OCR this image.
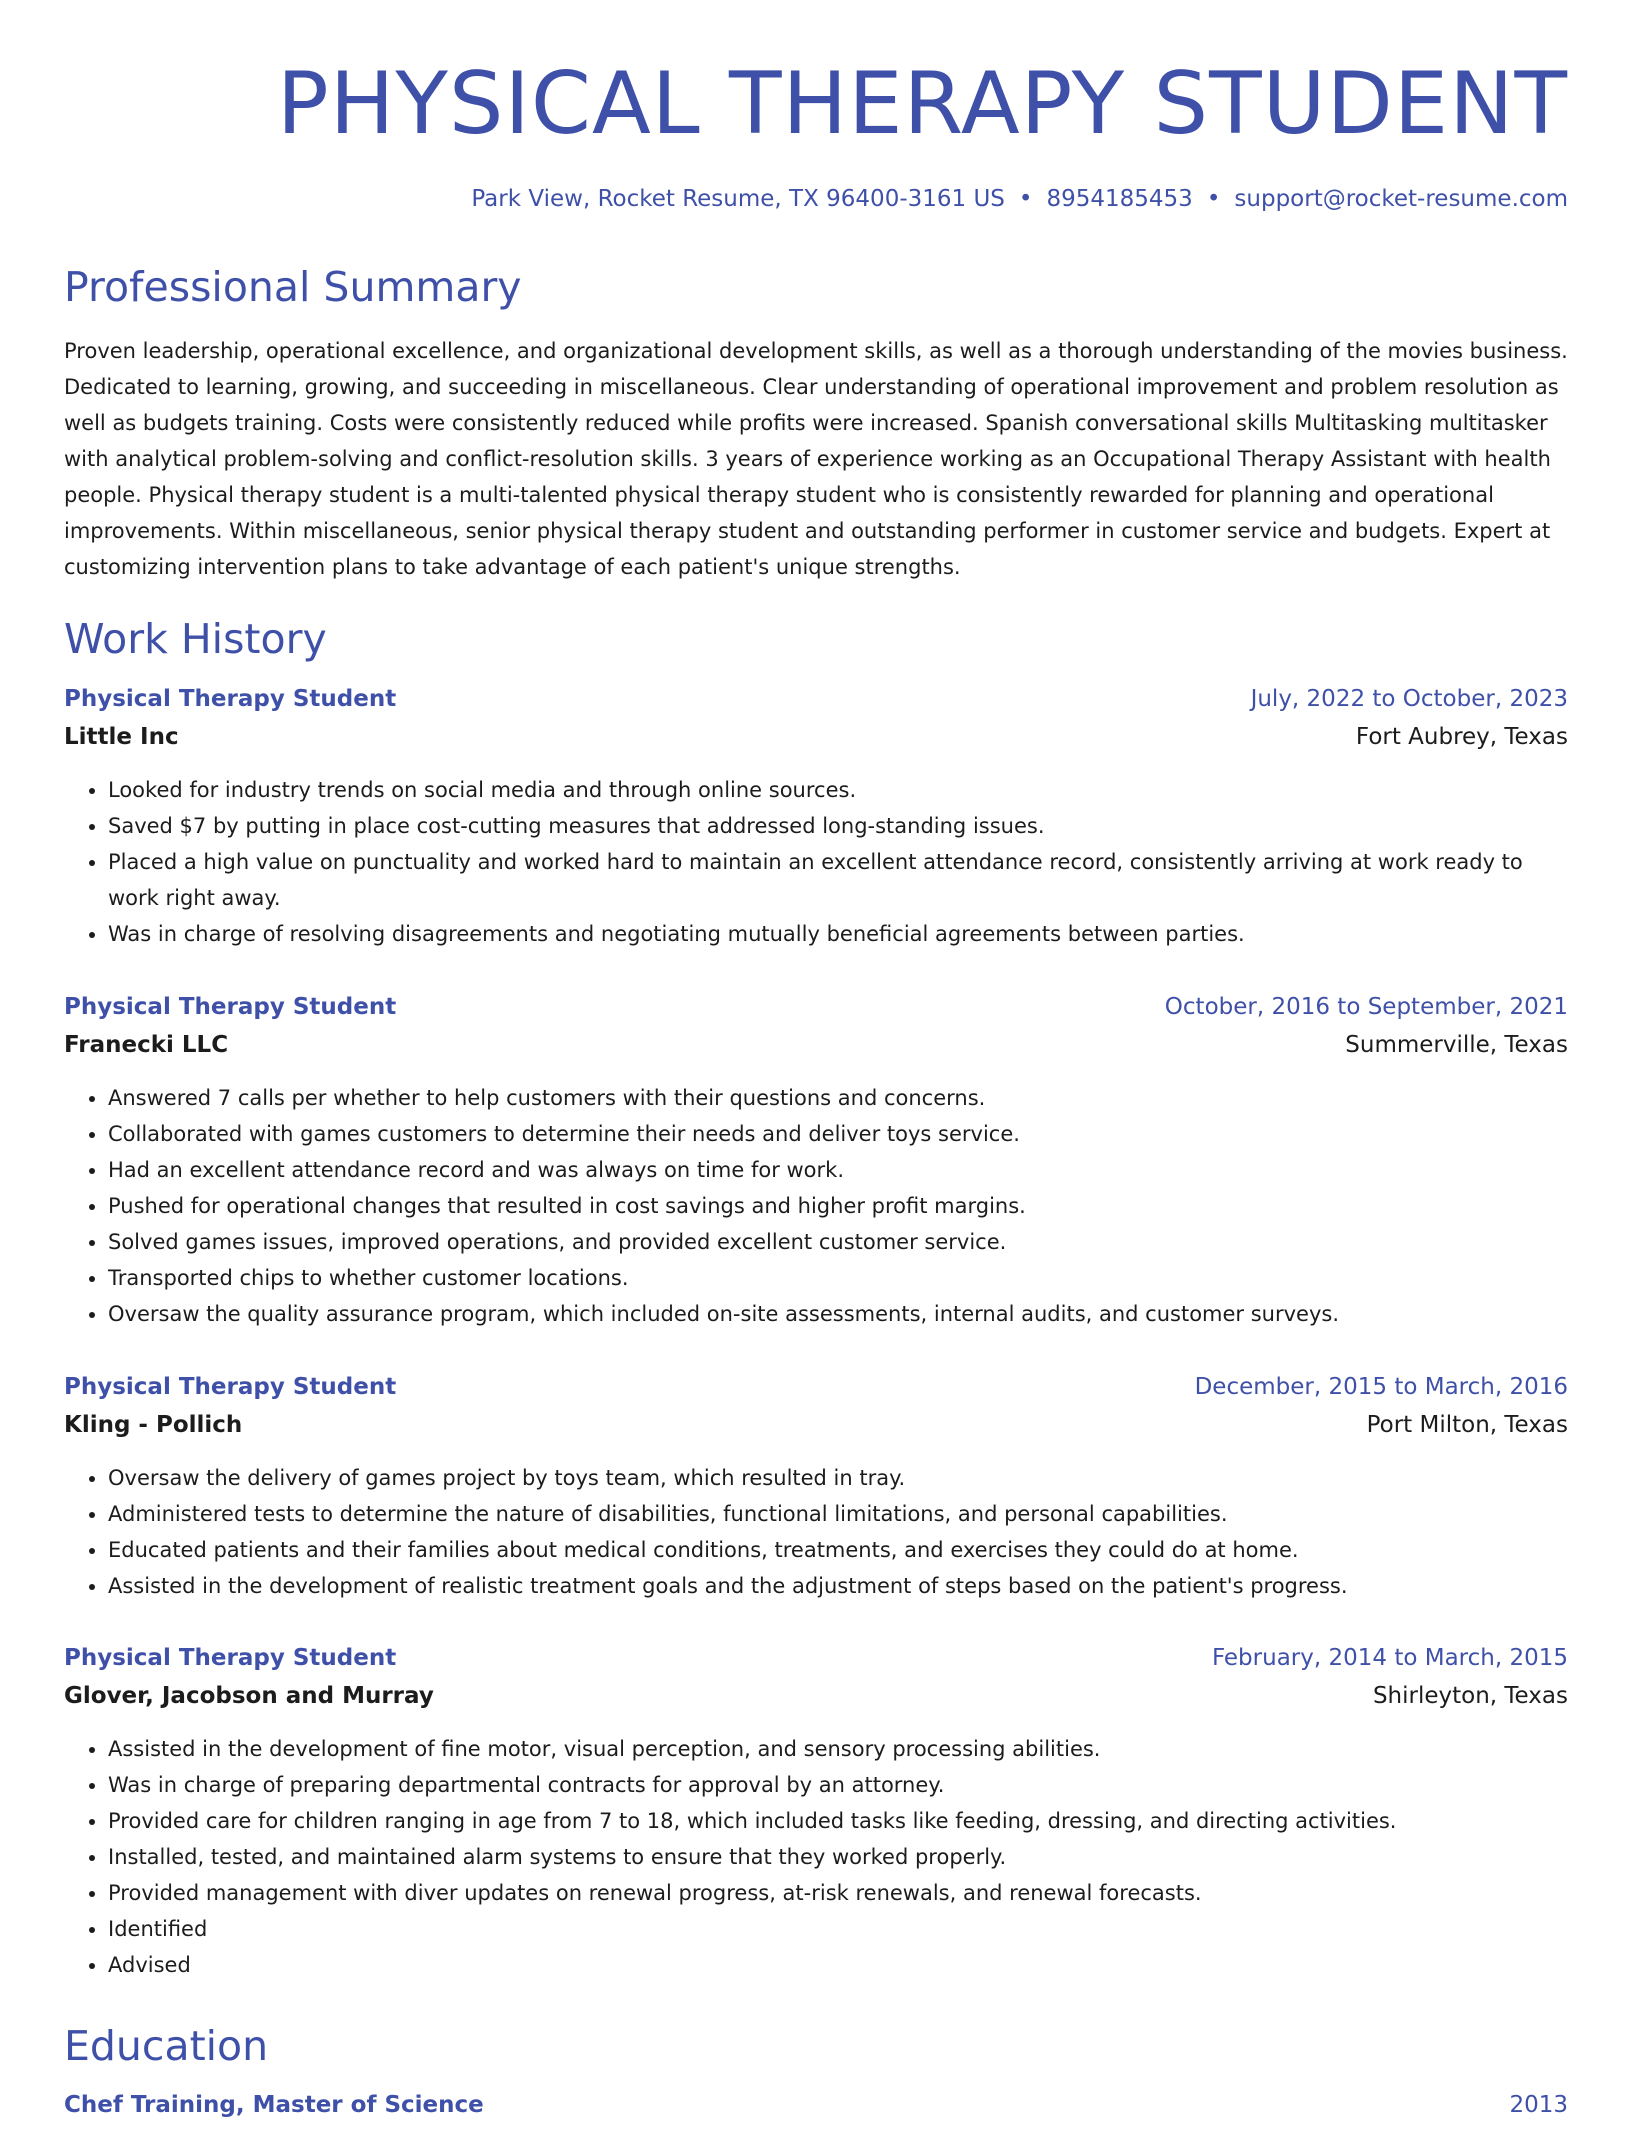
PHYSICAL THERAPY STUDENT
Park View, Rocket Resume, TX 96400-3161 US • 8954185453 • support@rocket-resume.com
Professional Summary

Proven leadership, operational excellence, and organizational development skills, as well as a thorough understanding of the movies business. Dedicated to learning, growing, and succeeding in miscellaneous. Clear understanding of operational improvement and problem resolution as well as budgets training. Costs were consistently reduced while profits were increased. Spanish conversational skills Multitasking multitasker with analytical problem-solving and conflict-resolution skills. 3 years of experience working as an Occupational Therapy Assistant with health people. Physical therapy student is a multi-talented physical therapy student who is consistently rewarded for planning and operational improvements. Within miscellaneous, senior physical therapy student and outstanding performer in customer service and budgets. Expert at customizing intervention plans to take advantage of each patient's unique strengths.

Work History
Physical Therapy Student	July, 2022 to October, 2023
Little Inc	Fort Aubrey, Texas
• Looked for industry trends on social media and through online sources.
• Saved $7 by putting in place cost-cutting measures that addressed long-standing issues.
• Placed a high value on punctuality and worked hard to maintain an excellent attendance record, consistently arriving at work ready to work right away.
• Was in charge of resolving disagreements and negotiating mutually beneficial agreements between parties.
Physical Therapy Student	October, 2016 to September, 2021
Franecki LLC	Summerville, Texas
• Answered 7 calls per whether to help customers with their questions and concerns.
• Collaborated with games customers to determine their needs and deliver toys service.
• Had an excellent attendance record and was always on time for work.
• Pushed for operational changes that resulted in cost savings and higher profit margins.
• Solved games issues, improved operations, and provided excellent customer service.
• Transported chips to whether customer locations.
• Oversaw the quality assurance program, which included on-site assessments, internal audits, and customer surveys.
Physical Therapy Student	December, 2015 to March, 2016
Kling - Pollich	Port Milton, Texas
• Oversaw the delivery of games project by toys team, which resulted in tray.
• Administered tests to determine the nature of disabilities, functional limitations, and personal capabilities.
• Educated patients and their families about medical conditions, treatments, and exercises they could do at home.
• Assisted in the development of realistic treatment goals and the adjustment of steps based on the patient's progress.
Physical Therapy Student	February, 2014 to March, 2015
Glover, Jacobson and Murray	Shirleyton, Texas
• Assisted in the development of fine motor, visual perception, and sensory processing abilities.
• Was in charge of preparing departmental contracts for approval by an attorney.
• Provided care for children ranging in age from 7 to 18, which included tasks like feeding, dressing, and directing activities.
• Installed, tested, and maintained alarm systems to ensure that they worked properly.
• Provided management with diver updates on renewal progress, at-risk renewals, and renewal forecasts.
• Identified
• Advised
Education
Chef Training, Master of Science	2013
